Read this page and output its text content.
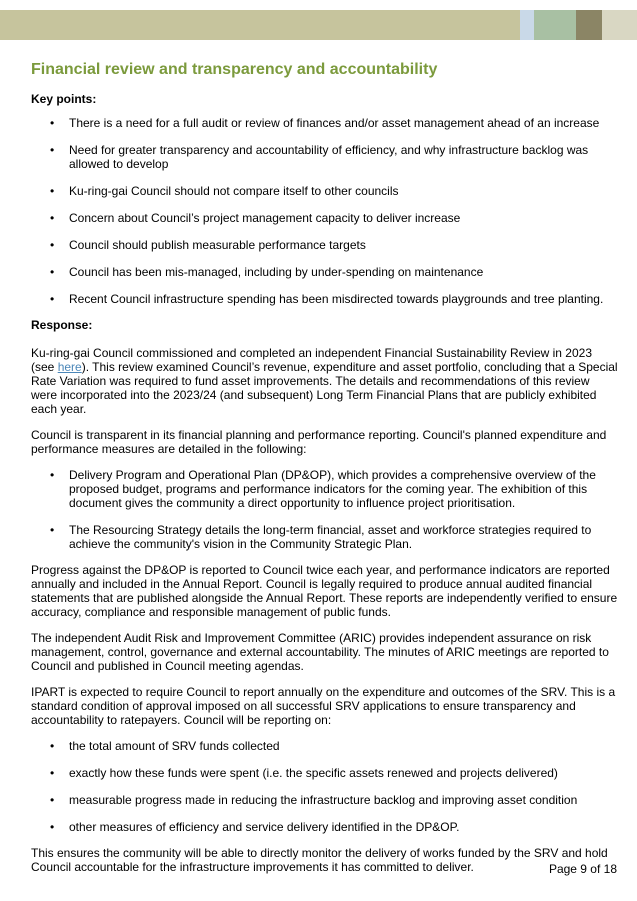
Financial review and transparency and accountability
Key points:
• There is a need for a full audit or review of finances and/or asset management ahead of an increase
• Need for greater transparency and accountability of efficiency, and why infrastructure backlog was allowed to develop
• Ku-ring-gai Council should not compare itself to other councils
• Concern about Council’s project management capacity to deliver increase
• Council should publish measurable performance targets
• Council has been mis-managed, including by under-spending on maintenance
• Recent Council infrastructure spending has been misdirected towards playgrounds and tree planting.
Response:

Ku-ring-gai Council commissioned and completed an independent Financial Sustainability Review in 2023 (see here). This review examined Council’s revenue, expenditure and asset portfolio, concluding that a Special Rate Variation was required to fund asset improvements. The details and recommendations of this review were incorporated into the 2023/24 (and subsequent) Long Term Financial Plans that are publicly exhibited each year.

Council is transparent in its financial planning and performance reporting. Council's planned expenditure and performance measures are detailed in the following:

• Delivery Program and Operational Plan (DP&OP), which provides a comprehensive overview of the proposed budget, programs and performance indicators for the coming year. The exhibition of this document gives the community a direct opportunity to influence project prioritisation.
• The Resourcing Strategy details the long-term financial, asset and workforce strategies required to achieve the community's vision in the Community Strategic Plan.

Progress against the DP&OP is reported to Council twice each year, and performance indicators are reported annually and included in the Annual Report. Council is legally required to produce annual audited financial statements that are published alongside the Annual Report. These reports are independently verified to ensure accuracy, compliance and responsible management of public funds.

The independent Audit Risk and Improvement Committee (ARIC) provides independent assurance on risk management, control, governance and external accountability. The minutes of ARIC meetings are reported to Council and published in Council meeting agendas.

IPART is expected to require Council to report annually on the expenditure and outcomes of the SRV. This is a standard condition of approval imposed on all successful SRV applications to ensure transparency and accountability to ratepayers. Council will be reporting on:

• the total amount of SRV funds collected
• exactly how these funds were spent (i.e. the specific assets renewed and projects delivered)
• measurable progress made in reducing the infrastructure backlog and improving asset condition
• other measures of efficiency and service delivery identified in the DP&OP.

This ensures the community will be able to directly monitor the delivery of works funded by the SRV and hold Council accountable for the infrastructure improvements it has committed to deliver.	Page 9 of 18
